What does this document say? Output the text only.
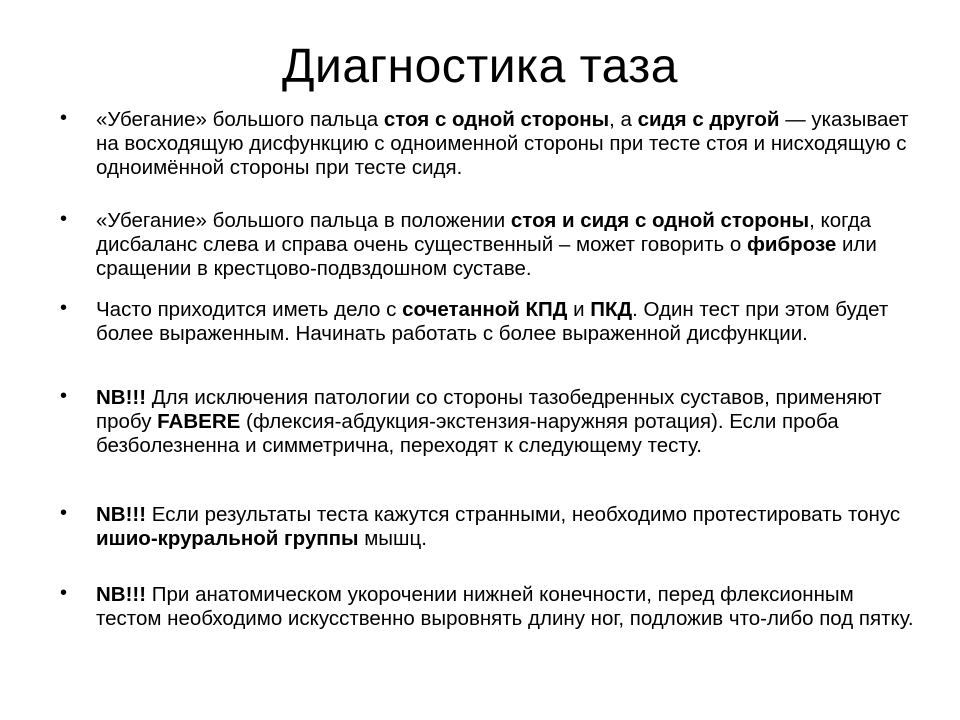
Диагностика таза
• «Убегание» большого пальца стоя с одной стороны, а сидя с другой — указывает на восходящую дисфункцию с одноименной стороны при тесте стоя и нисходящую с одноимённой стороны при тесте сидя.
• «Убегание» большого пальца в положении стоя и сидя с одной стороны, когда дисбаланс слева и справа очень существенный – может говорить о фиброзе или сращении в крестцово-подвздошном суставе.
• Часто приходится иметь дело с сочетанной КПД и ПКД. Один тест при этом будет более выраженным. Начинать работать с более выраженной дисфункции.
• NB!!! Для исключения патологии со стороны тазобедренных суставов, применяют пробу FABERE (флексия-абдукция-экстензия-наружняя ротация). Если проба безболезненна и симметрична, переходят к следующему тесту.
• NB!!! Если результаты теста кажутся странными, необходимо протестировать тонус ишио-круральной группы мышц.
• NB!!! При анатомическом укорочении нижней конечности, перед флексионным тестом необходимо искусственно выровнять длину ног, подложив что-либо под пятку.
